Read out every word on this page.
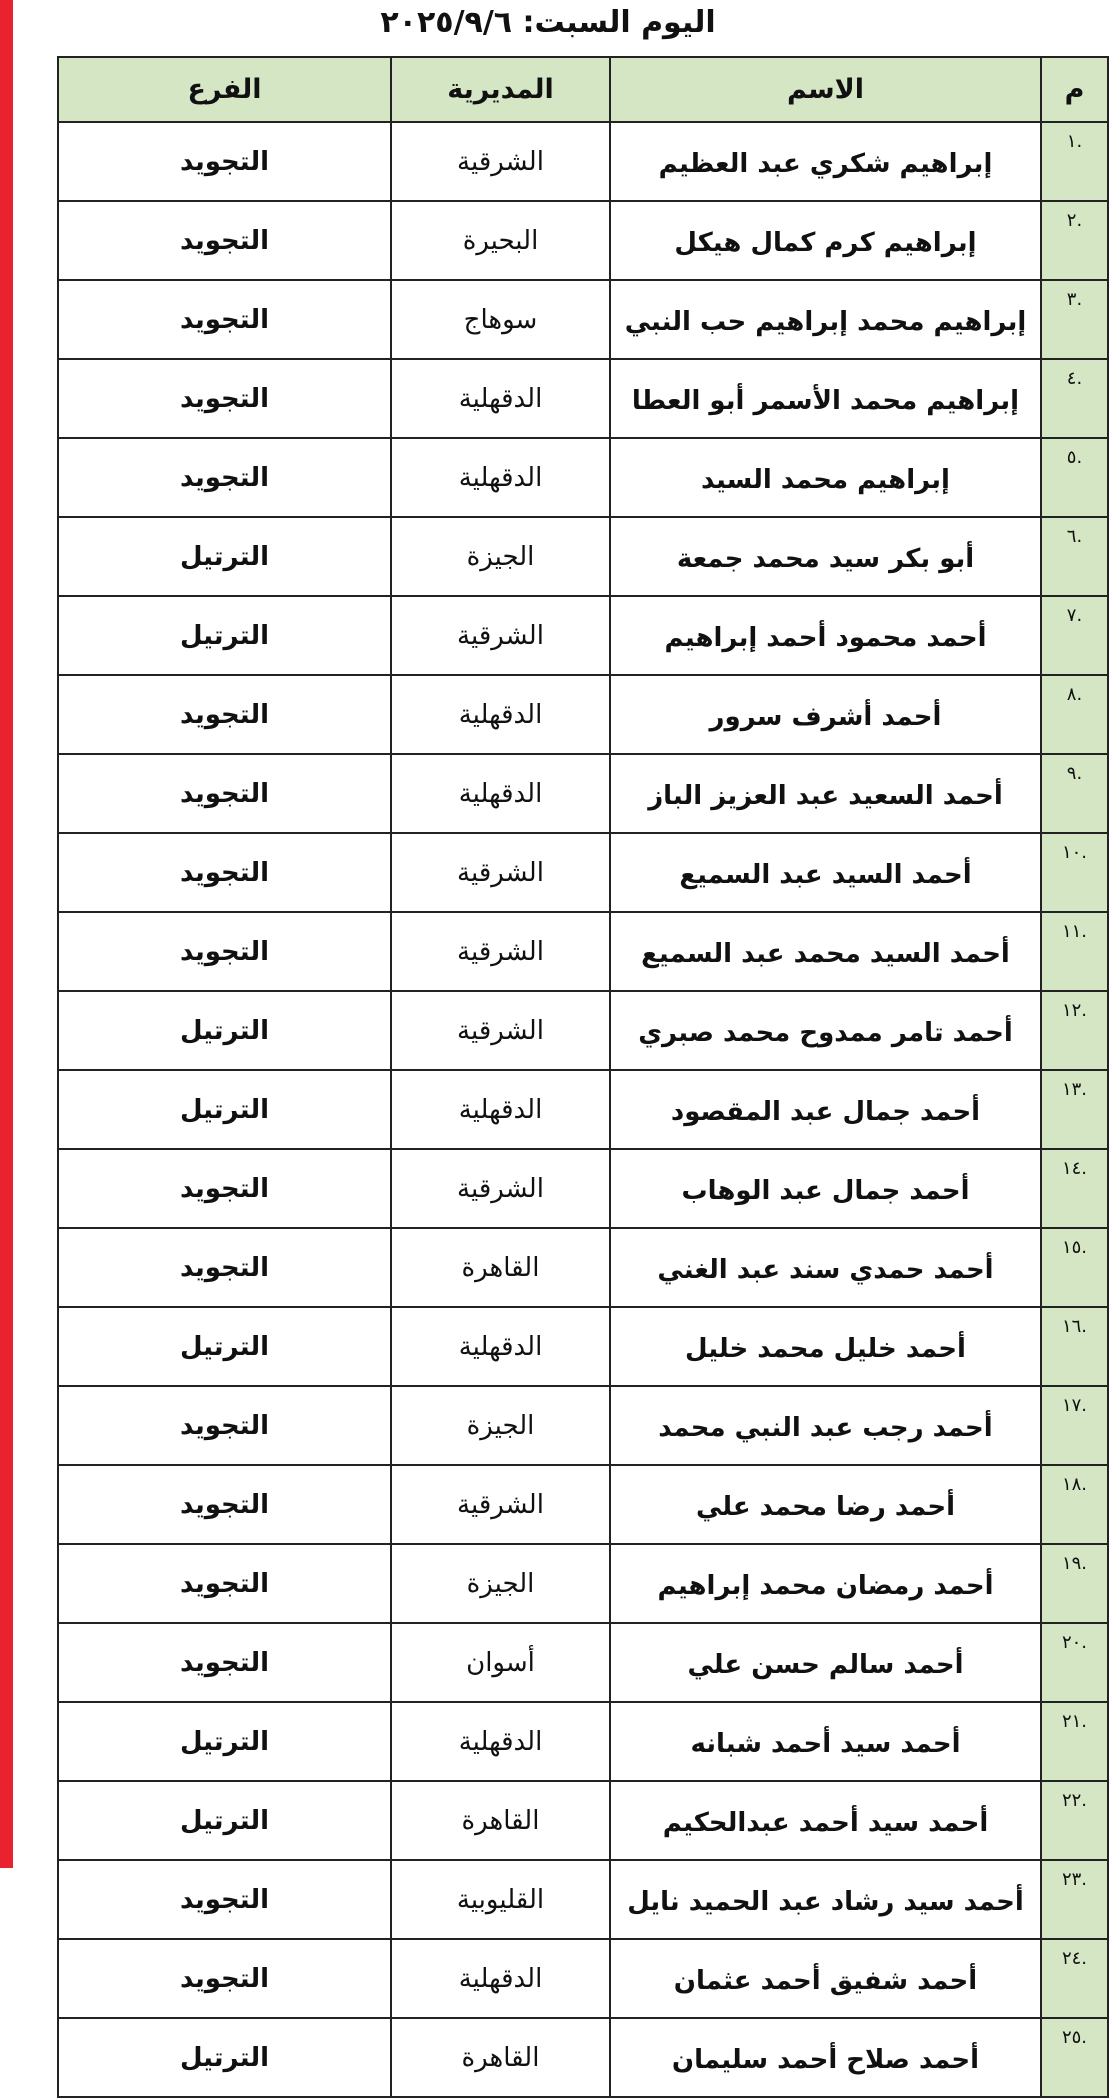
اليوم السبت: ٢٠٢٥/٩/٦
م	الاسم	المديرية	الفرع
.١	إبراهيم شكري عبد العظيم	الشرقية	التجويد
.٢	إبراهيم كرم كمال هيكل	البحيرة	التجويد
.٣	إبراهيم محمد إبراهيم حب النبي	سوهاج	التجويد
.٤	إبراهيم محمد الأسمر أبو العطا	الدقهلية	التجويد
.٥	إبراهيم محمد السيد	الدقهلية	التجويد
.٦	أبو بكر سيد محمد جمعة	الجيزة	الترتيل
.٧	أحمد محمود أحمد إبراهيم	الشرقية	الترتيل
.٨	أحمد أشرف سرور	الدقهلية	التجويد
.٩	أحمد السعيد عبد العزيز الباز	الدقهلية	التجويد
.١٠	أحمد السيد عبد السميع	الشرقية	التجويد
.١١	أحمد السيد محمد عبد السميع	الشرقية	التجويد
.١٢	أحمد تامر ممدوح محمد صبري	الشرقية	الترتيل
.١٣	أحمد جمال عبد المقصود	الدقهلية	الترتيل
.١٤	أحمد جمال عبد الوهاب	الشرقية	التجويد
.١٥	أحمد حمدي سند عبد الغني	القاهرة	التجويد
.١٦	أحمد خليل محمد خليل	الدقهلية	الترتيل
.١٧	أحمد رجب عبد النبي محمد	الجيزة	التجويد
.١٨	أحمد رضا محمد علي	الشرقية	التجويد
.١٩	أحمد رمضان محمد إبراهيم	الجيزة	التجويد
.٢٠	أحمد سالم حسن علي	أسوان	التجويد
.٢١	أحمد سيد أحمد شبانه	الدقهلية	الترتيل
.٢٢	أحمد سيد أحمد عبدالحكيم	القاهرة	الترتيل
.٢٣	أحمد سيد رشاد عبد الحميد نايل	القليوبية	التجويد
.٢٤	أحمد شفيق أحمد عثمان	الدقهلية	التجويد
.٢٥	أحمد صلاح أحمد سليمان	القاهرة	الترتيل
